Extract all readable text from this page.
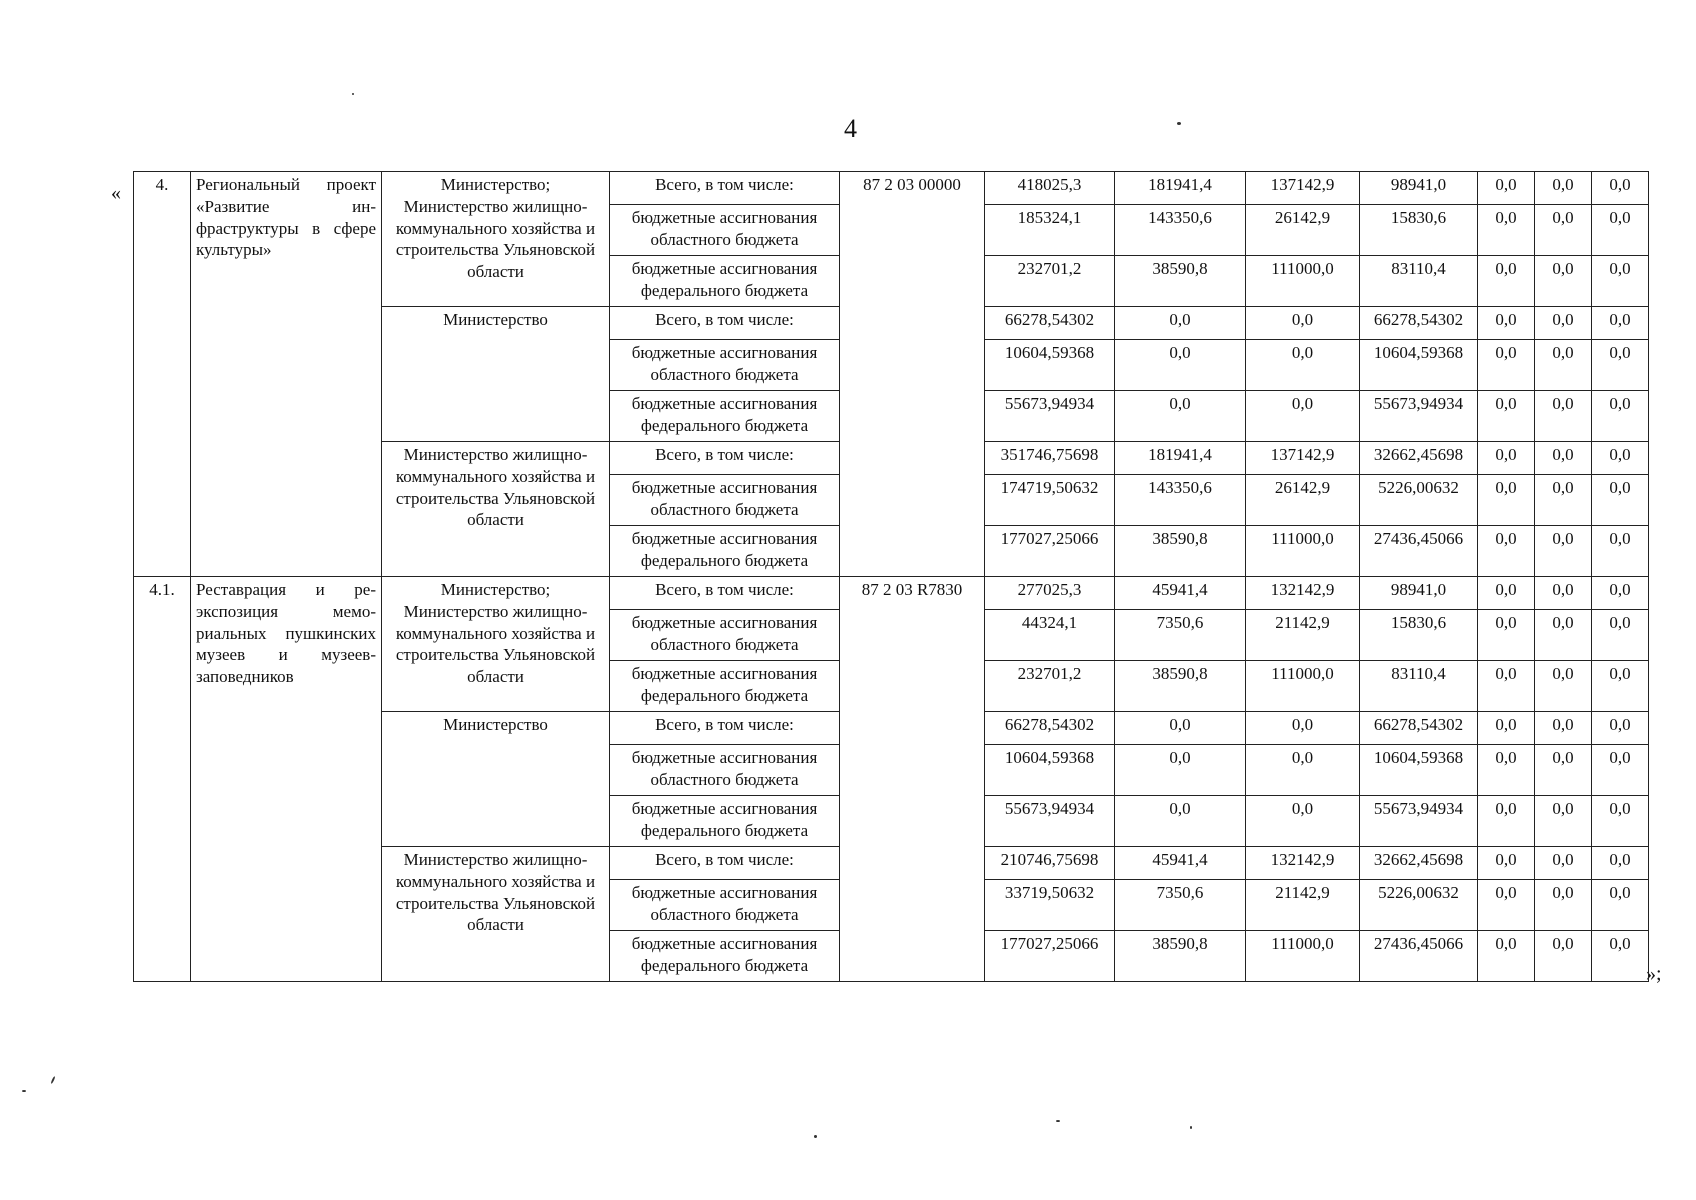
4
«
»;
4.	Региональный проект «Развитие инфраструктуры в сфере культуры»	Министерство; Министерство жилищно-коммунального хозяйства и строительства Ульяновской области	Всего, в том числе:	87 2 03 00000	418025,3	181941,4	137142,9	98941,0	0,0	0,0	0,0
			бюджетные ассигнования областного бюджета		185324,1	143350,6	26142,9	15830,6	0,0	0,0	0,0
			бюджетные ассигнования федерального бюджета		232701,2	38590,8	111000,0	83110,4	0,0	0,0	0,0
		Министерство	Всего, в том числе:		66278,54302	0,0	0,0	66278,54302	0,0	0,0	0,0
			бюджетные ассигнования областного бюджета		10604,59368	0,0	0,0	10604,59368	0,0	0,0	0,0
			бюджетные ассигнования федерального бюджета		55673,94934	0,0	0,0	55673,94934	0,0	0,0	0,0
		Министерство жилищно-коммунального хозяйства и строительства Ульяновской области	Всего, в том числе:		351746,75698	181941,4	137142,9	32662,45698	0,0	0,0	0,0
			бюджетные ассигнования областного бюджета		174719,50632	143350,6	26142,9	5226,00632	0,0	0,0	0,0
			бюджетные ассигнования федерального бюджета		177027,25066	38590,8	111000,0	27436,45066	0,0	0,0	0,0
4.1.	Реставрация и реэкспозиция мемориальных пушкинских музеев и музеев-заповедников	Министерство; Министерство жилищно-коммунального хозяйства и строительства Ульяновской области	Всего, в том числе:	87 2 03 R7830	277025,3	45941,4	132142,9	98941,0	0,0	0,0	0,0
			бюджетные ассигнования областного бюджета		44324,1	7350,6	21142,9	15830,6	0,0	0,0	0,0
			бюджетные ассигнования федерального бюджета		232701,2	38590,8	111000,0	83110,4	0,0	0,0	0,0
		Министерство	Всего, в том числе:		66278,54302	0,0	0,0	66278,54302	0,0	0,0	0,0
			бюджетные ассигнования областного бюджета		10604,59368	0,0	0,0	10604,59368	0,0	0,0	0,0
			бюджетные ассигнования федерального бюджета		55673,94934	0,0	0,0	55673,94934	0,0	0,0	0,0
		Министерство жилищно-коммунального хозяйства и строительства Ульяновской области	Всего, в том числе:		210746,75698	45941,4	132142,9	32662,45698	0,0	0,0	0,0
			бюджетные ассигнования областного бюджета		33719,50632	7350,6	21142,9	5226,00632	0,0	0,0	0,0
			бюджетные ассигнования федерального бюджета		177027,25066	38590,8	111000,0	27436,45066	0,0	0,0	0,0
